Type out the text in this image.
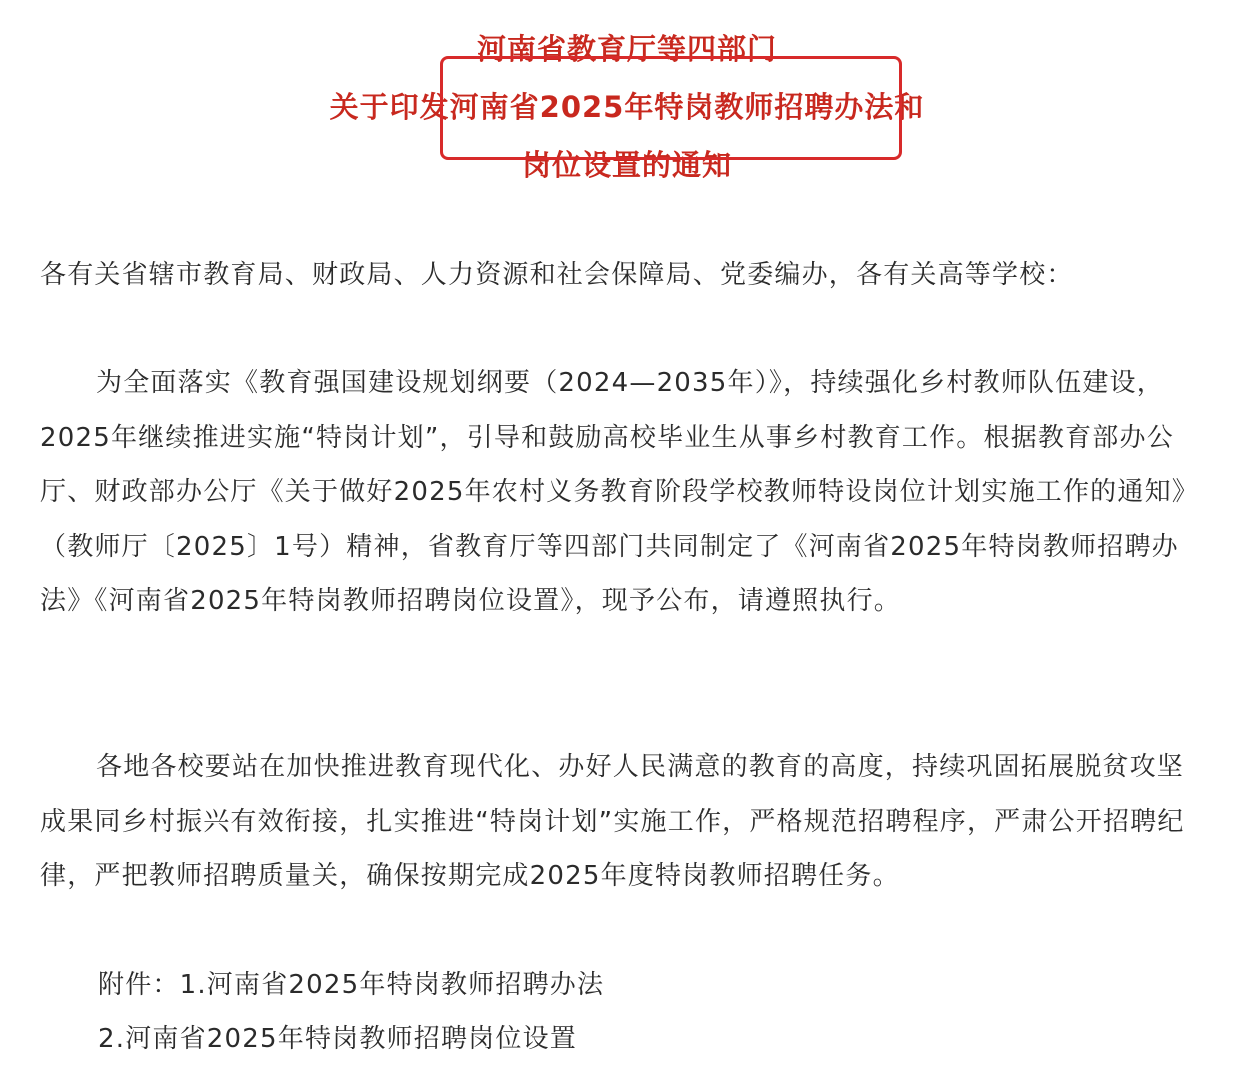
河南省教育厅等四部门
关于印发河南省2025年特岗教师招聘办法
和
岗位设置的通知
各有关省辖市教育局、财政局、人力资源和社会保障局、党委编办，各有关高等学校：
为全面落实《教育强国建设规划纲要（2024—2035年）》，持续强化乡村教师队伍建设，2025年继续推进实施“特岗计划”，引导和鼓励高校毕业生从事乡村教育工作。根据教育部办公厅、财政部办公厅《关于做好2025年农村义务教育阶段学校教师特设岗位计划实施工作的通知》（教师厅〔2025〕1号）精神，省教育厅等四部门共同制定了《河南省2025年特岗教师招聘办法》《河南省2025年特岗教师招聘岗位设置》，现予公布，请遵照执行。
各地各校要站在加快推进教育现代化、办好人民满意的教育的高度，持续巩固拓展脱贫攻坚成果同乡村振兴有效衔接，扎实推进“特岗计划”实施工作，严格规范招聘程序，严肃公开招聘纪律，严把教师招聘质量关，确保按期完成2025年度特岗教师招聘任务。
附件：1.河南省2025年特岗教师招聘办法
2.河南省2025年特岗教师招聘岗位设置
